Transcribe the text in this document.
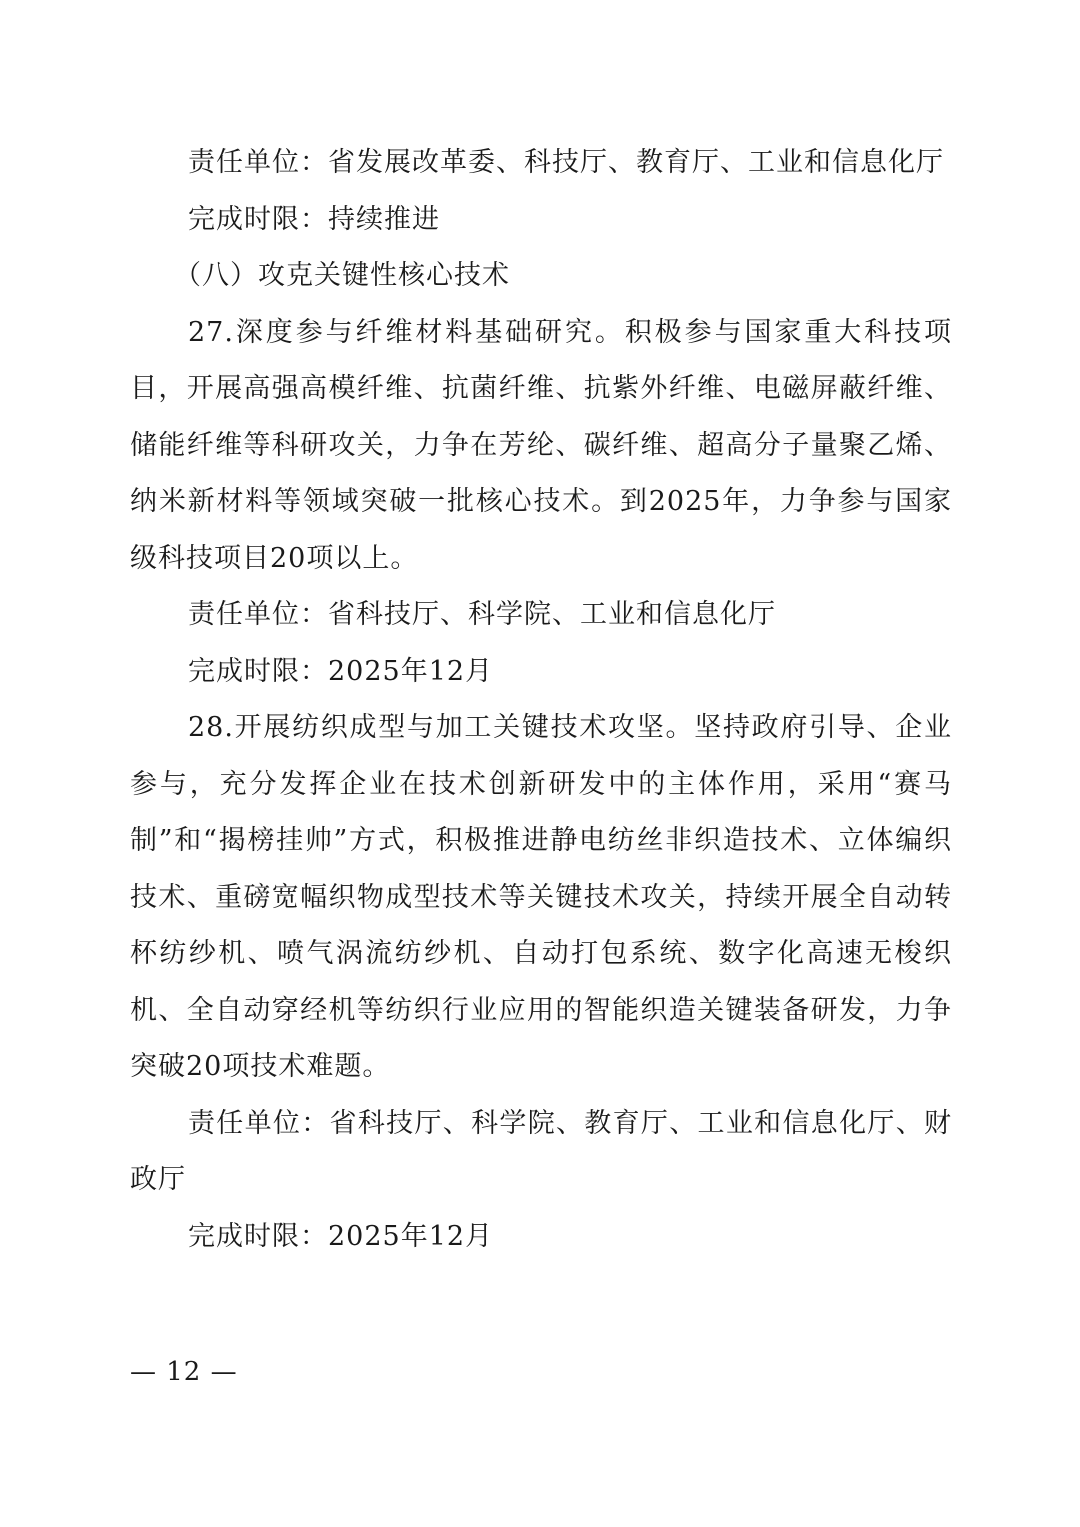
责任单位：省发展改革委、科技厅、教育厅、工业和信息化厅

完成时限：持续推进

（八）攻克关键性核心技术

27.深度参与纤维材料基础研究。积极参与国家重大科技项目，开展高强高模纤维、抗菌纤维、抗紫外纤维、电磁屏蔽纤维、储能纤维等科研攻关，力争在芳纶、碳纤维、超高分子量聚乙烯、纳米新材料等领域突破一批核心技术。到2025年，力争参与国家级科技项目20项以上。

责任单位：省科技厅、科学院、工业和信息化厅

完成时限：2025年12月

28.开展纺织成型与加工关键技术攻坚。坚持政府引导、企业参与，充分发挥企业在技术创新研发中的主体作用，采用“赛马制”和“揭榜挂帅”方式，积极推进静电纺丝非织造技术、立体编织技术、重磅宽幅织物成型技术等关键技术攻关，持续开展全自动转杯纺纱机、喷气涡流纺纱机、自动打包系统、数字化高速无梭织机、全自动穿经机等纺织行业应用的智能织造关键装备研发，力争突破20项技术难题。

责任单位：省科技厅、科学院、教育厅、工业和信息化厅、财政厅

完成时限：2025年12月

— 12 —
